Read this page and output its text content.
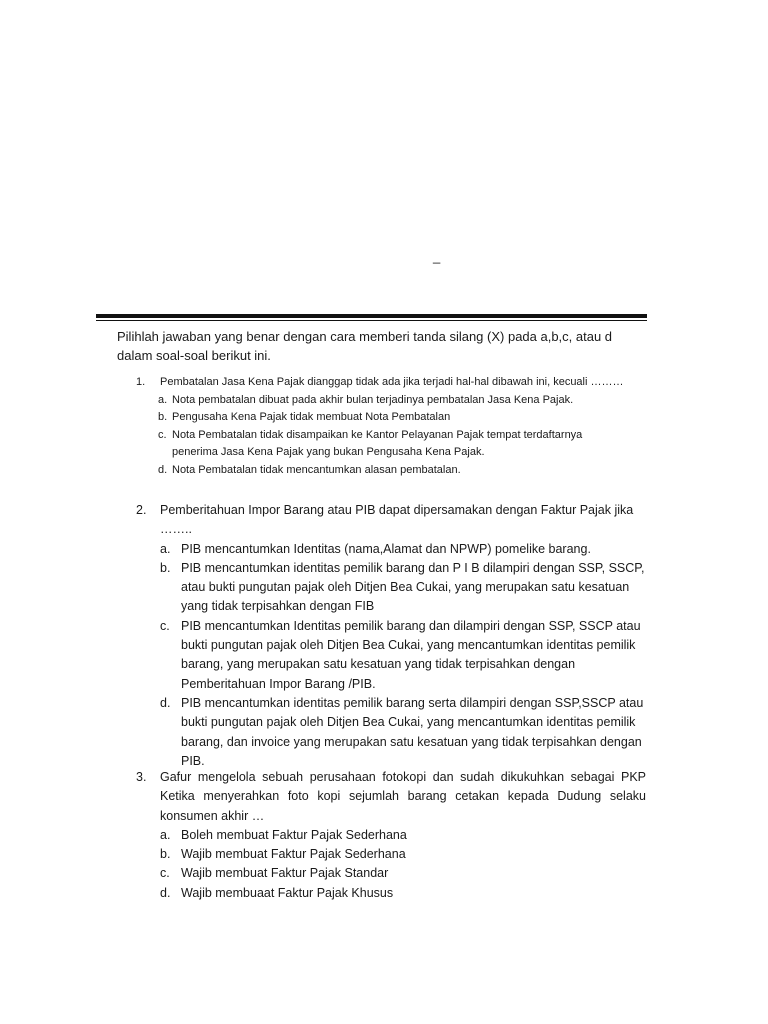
_

Pilihlah jawaban yang benar dengan cara memberi tanda silang (X) pada a,b,c, atau d dalam soal-soal berikut ini.

1.	Pembatalan Jasa Kena Pajak dianggap tidak ada jika terjadi hal-hal dibawah ini, kecuali ………
a. Nota pembatalan dibuat pada akhir bulan terjadinya pembatalan Jasa Kena Pajak.
b. Pengusaha Kena Pajak tidak membuat Nota Pembatalan
c. Nota Pembatalan tidak disampaikan ke Kantor Pelayanan Pajak tempat terdaftarnya
penerima Jasa Kena Pajak yang bukan Pengusaha Kena Pajak.
d. Nota Pembatalan tidak mencantumkan alasan pembatalan.
2.	Pemberitahuan Impor Barang atau PIB dapat dipersamakan dengan Faktur Pajak jika ……..
a. PIB mencantumkan Identitas (nama,Alamat dan NPWP) pomelike barang.
b. PIB mencantumkan identitas pemilik barang dan P I B dilampiri dengan SSP, SSCP, atau bukti pungutan pajak oleh Ditjen Bea Cukai, yang merupakan satu kesatuan yang tidak terpisahkan dengan FIB
c. PIB mencantumkan Identitas pemilik barang dan dilampiri dengan SSP, SSCP atau bukti pungutan pajak oleh Ditjen Bea Cukai, yang mencantumkan identitas pemilik barang, yang merupakan satu kesatuan yang tidak terpisahkan dengan Pemberitahuan Impor Barang /PIB.
d. PIB mencantumkan identitas pemilik barang serta dilampiri dengan SSP,SSCP atau bukti pungutan pajak oleh Ditjen Bea Cukai, yang mencantumkan identitas pemilik barang, dan invoice yang merupakan satu kesatuan yang tidak terpisahkan dengan PIB.
3.	Gafur mengelola sebuah perusahaan fotokopi dan sudah dikukuhkan sebagai PKP Ketika menyerahkan foto kopi sejumlah barang cetakan kepada Dudung selaku konsumen akhir …
a. Boleh membuat Faktur Pajak Sederhana
b. Wajib membuat Faktur Pajak Sederhana
c. Wajib membuat Faktur Pajak Standar
d. Wajib membuaat Faktur Pajak Khusus
